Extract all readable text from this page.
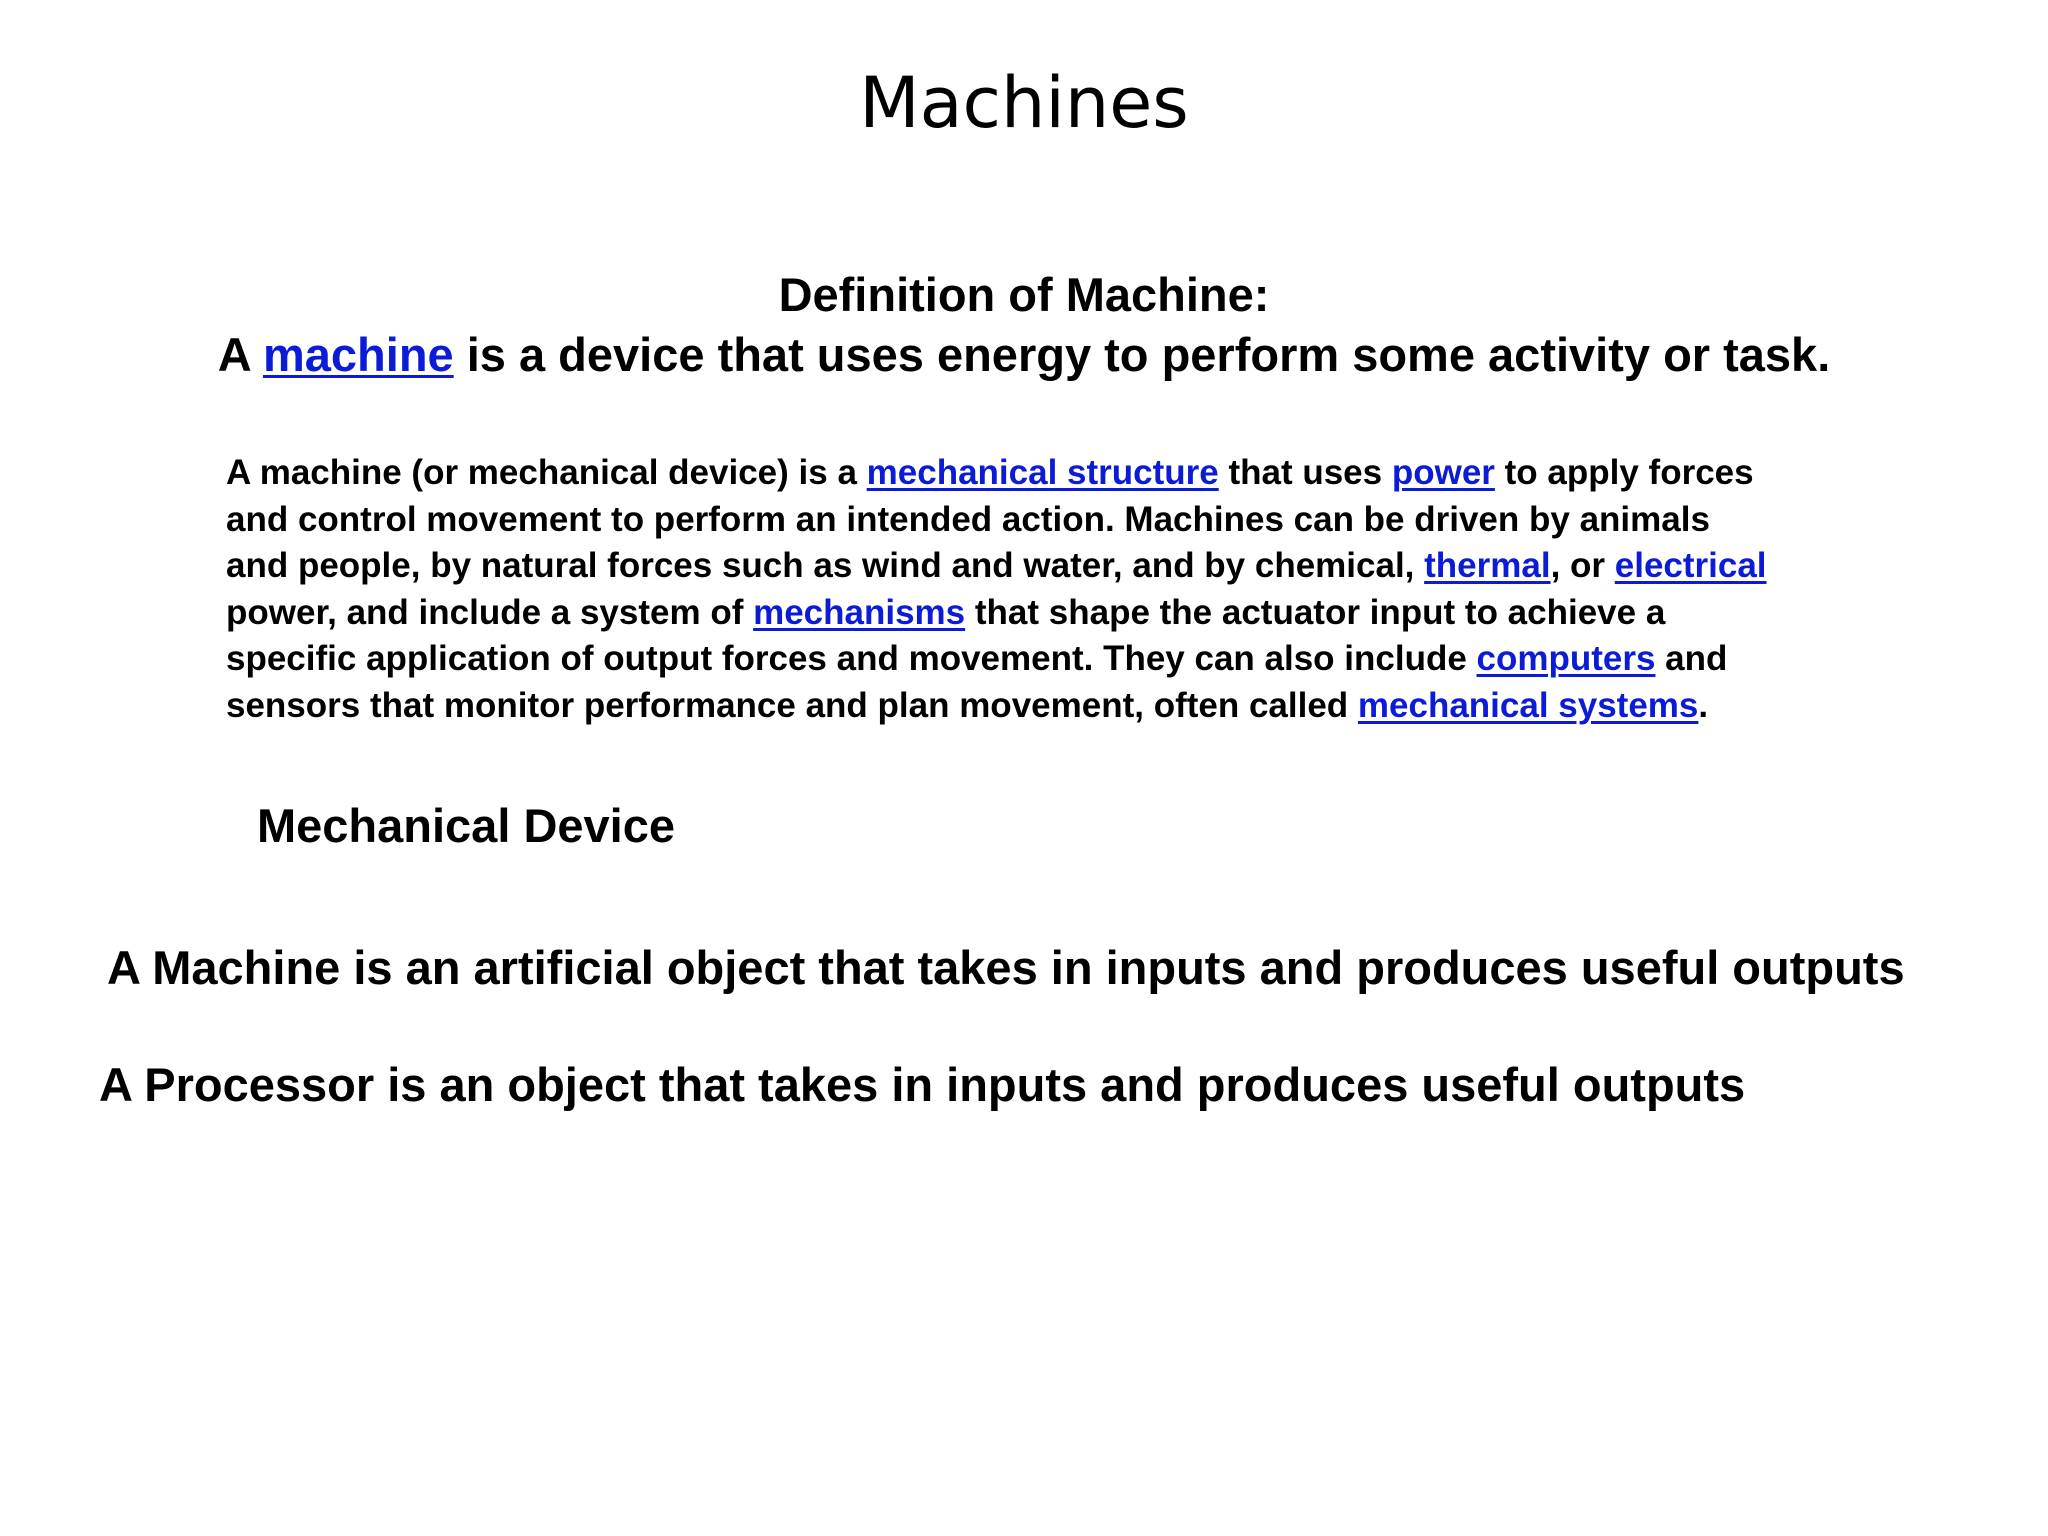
Machines
Definition of Machine:
A machine is a device that uses energy to perform some activity or task.
A machine (or mechanical device) is a mechanical structure that uses power to apply forces
and control movement to perform an intended action. Machines can be driven by animals
and people, by natural forces such as wind and water, and by chemical, thermal, or electrical
power, and include a system of mechanisms that shape the actuator input to achieve a
specific application of output forces and movement. They can also include computers and
sensors that monitor performance and plan movement, often called mechanical systems.
Mechanical Device

A Machine is an artificial object that takes in inputs and produces useful outputs

A Processor is an object that takes in inputs and produces useful outputs
